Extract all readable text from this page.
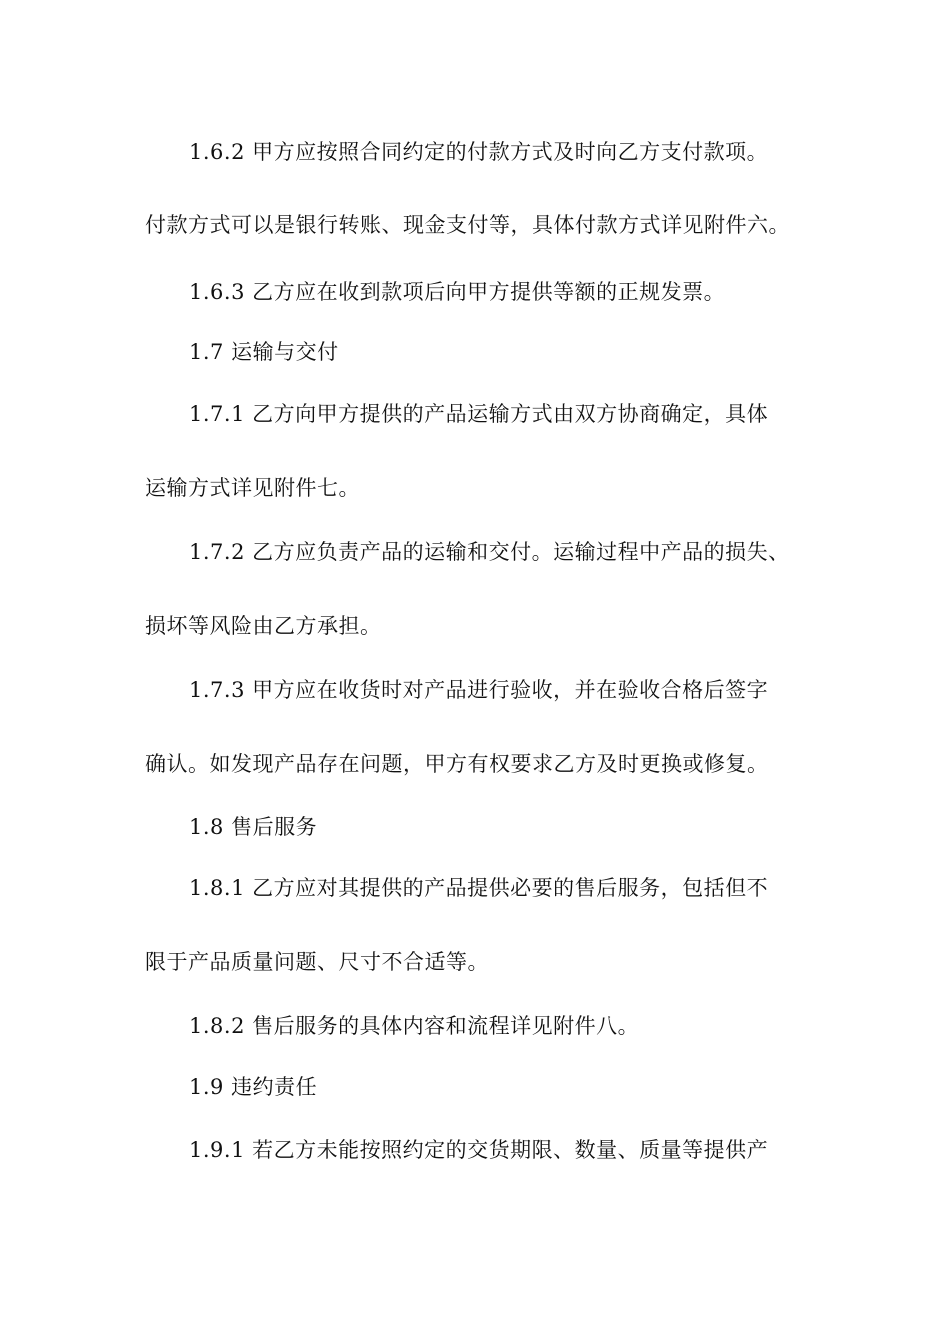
1.6.2 甲方应按照合同约定的付款方式及时向乙方支付款项。
付款方式可以是银行转账、现金支付等，具体付款方式详见附件六。
1.6.3 乙方应在收到款项后向甲方提供等额的正规发票。
1.7 运输与交付
1.7.1 乙方向甲方提供的产品运输方式由双方协商确定，具体
运输方式详见附件七。
1.7.2 乙方应负责产品的运输和交付。运输过程中产品的损失、
损坏等风险由乙方承担。
1.7.3 甲方应在收货时对产品进行验收，并在验收合格后签字
确认。如发现产品存在问题，甲方有权要求乙方及时更换或修复。
1.8 售后服务
1.8.1 乙方应对其提供的产品提供必要的售后服务，包括但不
限于产品质量问题、尺寸不合适等。
1.8.2 售后服务的具体内容和流程详见附件八。
1.9 违约责任
1.9.1 若乙方未能按照约定的交货期限、数量、质量等提供产
